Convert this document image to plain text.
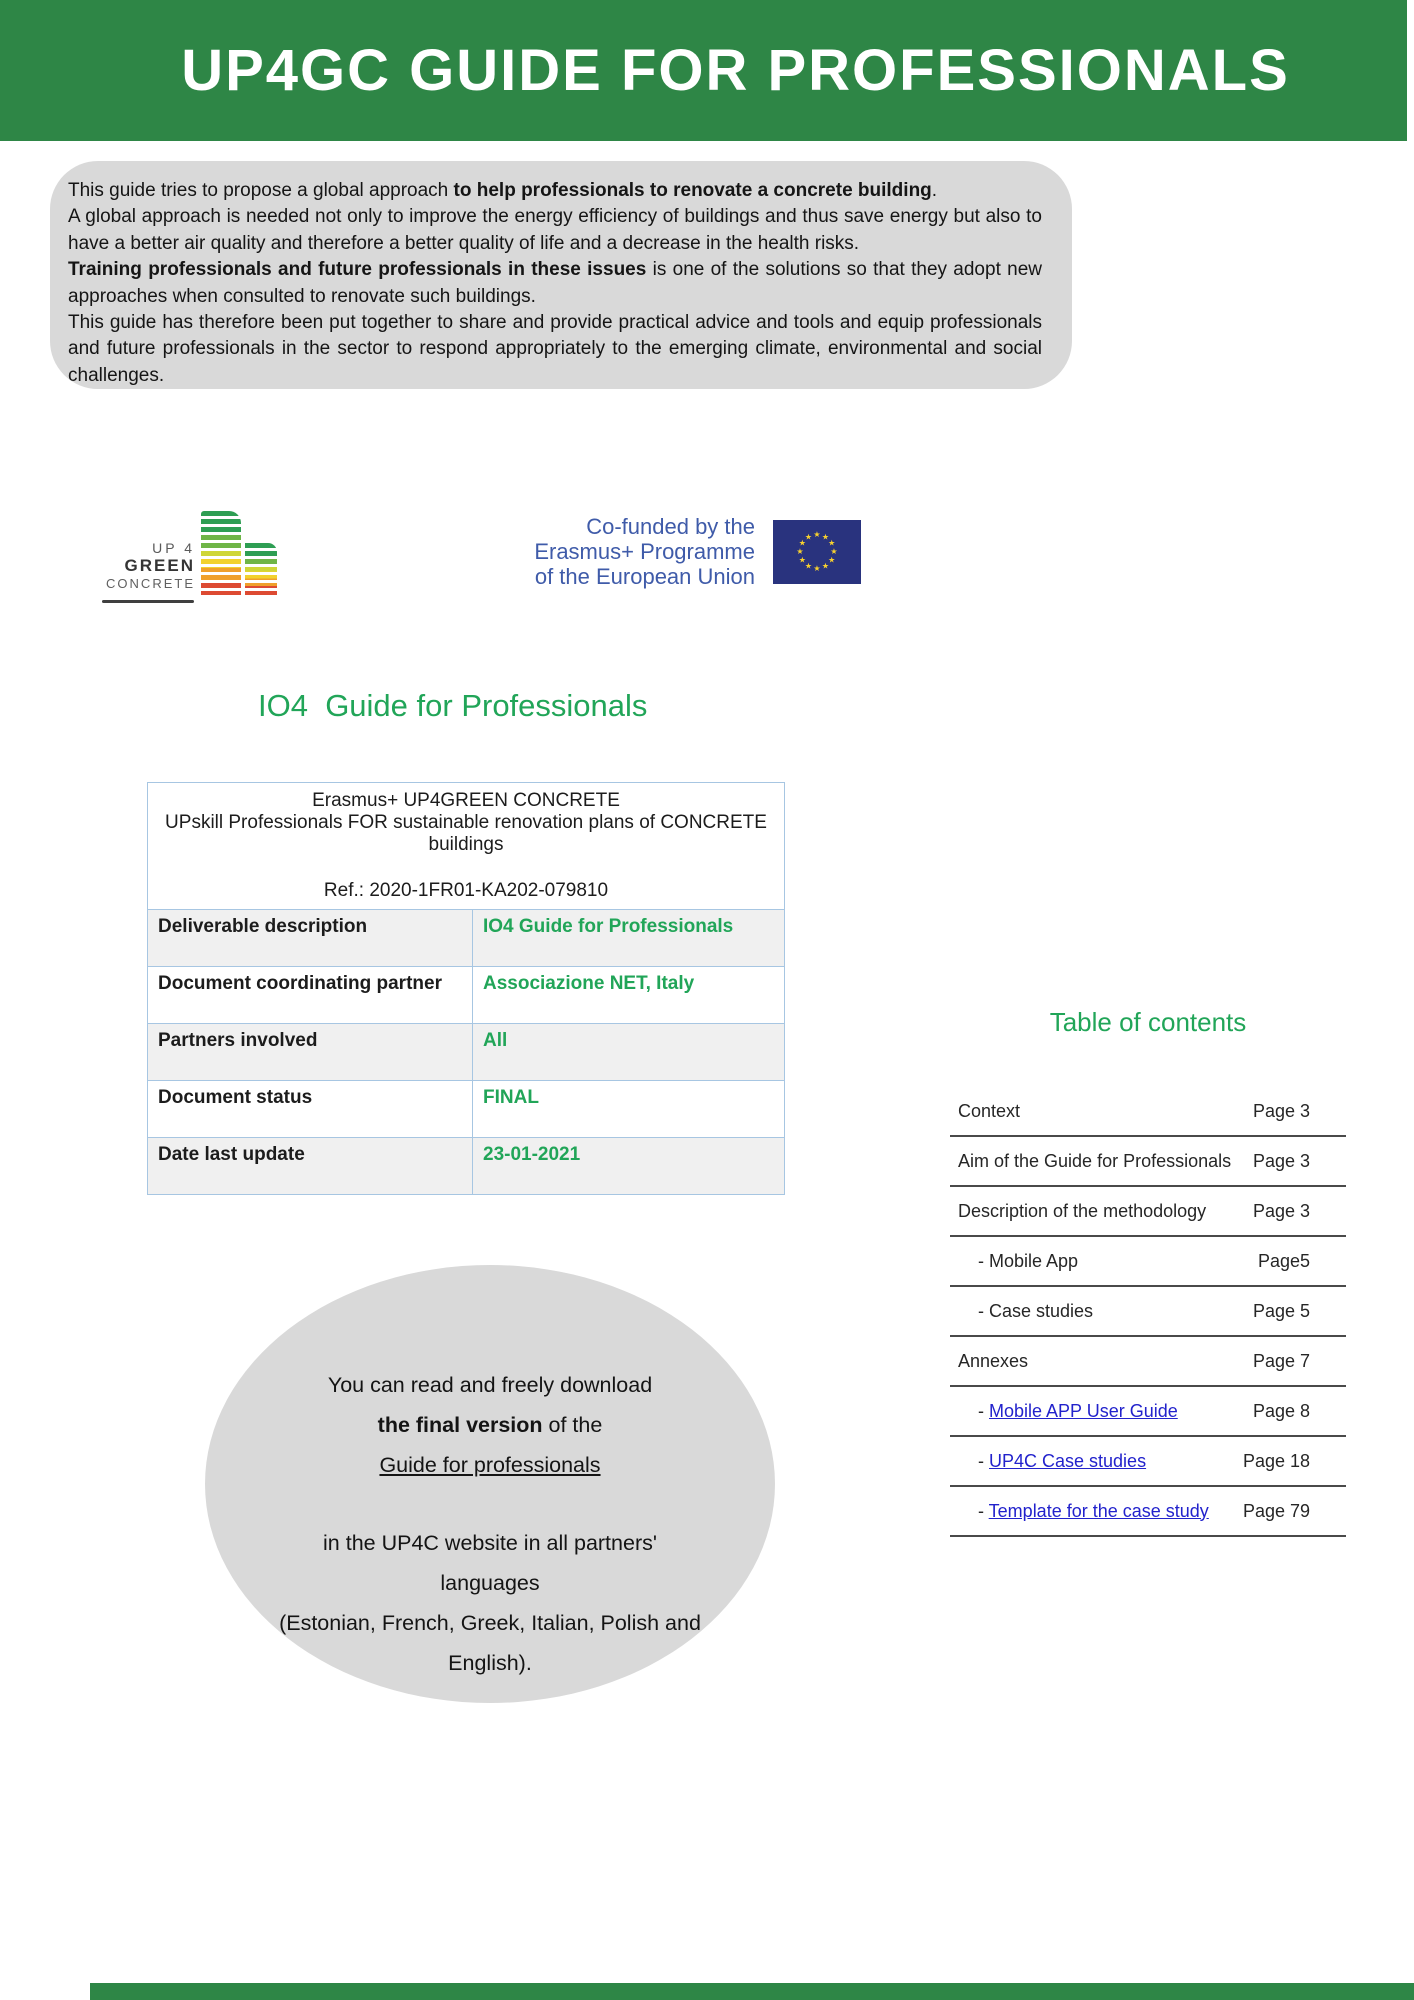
UP4GC GUIDE FOR PROFESSIONALS

This guide tries to propose a global approach to help professionals to renovate a concrete building.

A global approach is needed not only to improve the energy efficiency of buildings and thus save energy but also to have a better air quality and therefore a better quality of life and a decrease in the health risks.

Training professionals and future professionals in these issues is one of the solutions so that they adopt new approaches when consulted to renovate such buildings.

This guide has therefore been put together to share and provide practical advice and tools and equip professionals and future professionals in the sector to respond appropriately to the emerging climate, environmental and social challenges.

UP 4
GREEN
CONCRETE
Co-funded by the
Erasmus+ Programme
of the European Union
★ ★
★
★
★
★
★
★
★
★
★
★
IO4  Guide for Professionals
Erasmus+ UP4GREEN CONCRETE
UPskill Professionals FOR sustainable renovation plans of CONCRETE buildings
Ref.: 2020-1FR01-KA202-079810	

Deliverable description	IO4 Guide for Professionals
Document coordinating partner	Associazione NET, Italy
Partners involved	All
Document status	FINAL
Date last update	23-01-2021
Table of contents
Context	Page 3
Aim of the Guide for Professionals Page 3
Description of the methodology	Page 3
- Mobile App	Page5
- Case studies	Page 5
Annexes	Page 7
- Mobile APP User Guide	Page 8
- UP4C Case studies	Page 18
- Template for the case study Page 79

You can read and freely download

the final version of the

Guide for professionals

in the UP4C website in all partners'

languages

(Estonian, French, Greek, Italian, Polish and

English).
